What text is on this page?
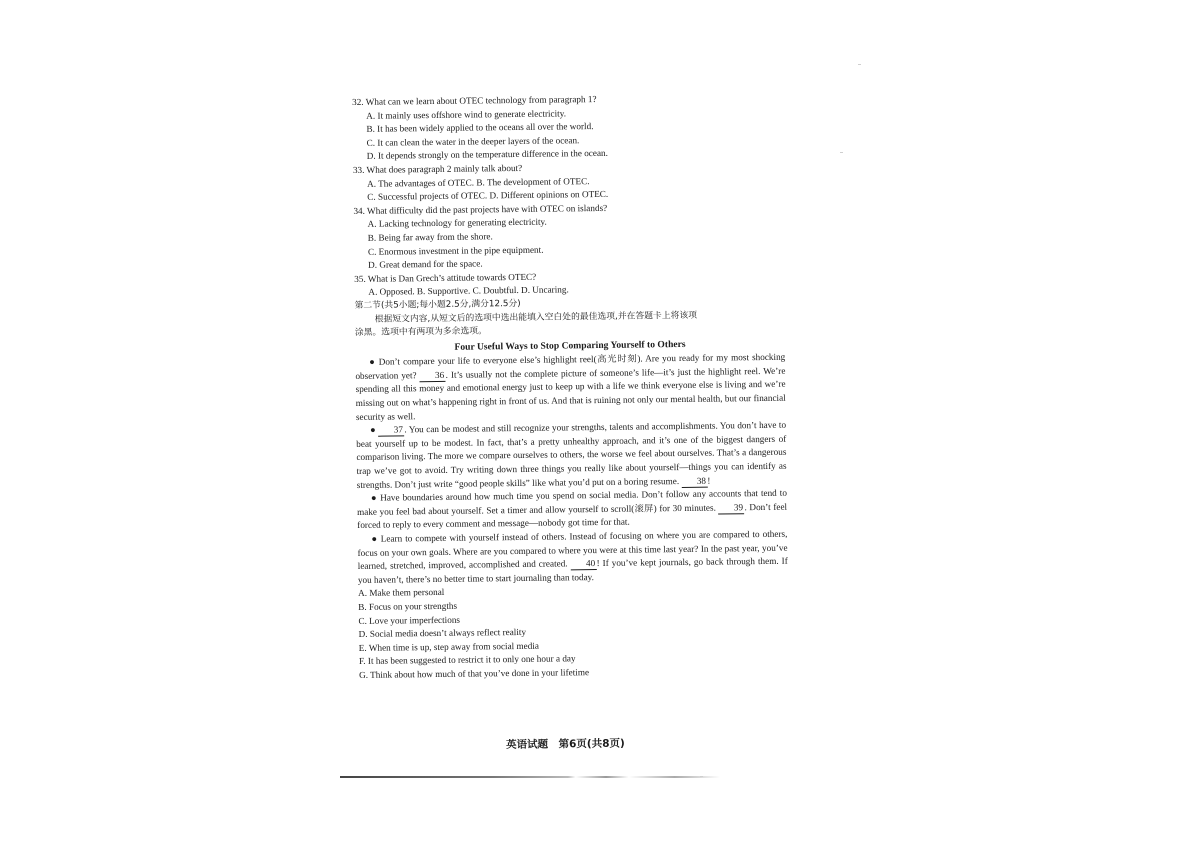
32. What can we learn about OTEC technology from paragraph 1?
A. It mainly uses offshore wind to generate electricity.
B. It has been widely applied to the oceans all over the world.
C. It can clean the water in the deeper layers of the ocean.
D. It depends strongly on the temperature difference in the ocean.
33. What does paragraph 2 mainly talk about?
A. The advantages of OTEC. B. The development of OTEC.
C. Successful projects of OTEC. D. Different opinions on OTEC.
34. What difficulty did the past projects have with OTEC on islands?
A. Lacking technology for generating electricity.
B. Being far away from the shore.
C. Enormous investment in the pipe equipment.
D. Great demand for the space.
35. What is Dan Grech’s attitude towards OTEC?
A. Opposed. B. Supportive. C. Doubtful. D. Uncaring.
第二节(共5小题;每小题2.5分,满分12.5分)
根据短文内容,从短文后的选项中选出能填入空白处的最佳选项,并在答题卡上将该项
涂黑。选项中有两项为多余选项。
Four Useful Ways to Stop Comparing Yourself to Others
● Don’t compare your life to everyone else’s highlight reel(高光时刻). Are you ready for my most shocking observation yet? 36. It’s usually not the complete picture of someone’s life—it’s just the highlight reel. We’re spending all this money and emotional energy just to keep up with a life we think everyone else is living and we’re missing out on what’s happening right in front of us. And that is ruining not only our mental health, but our financial security as well.
● 37. You can be modest and still recognize your strengths, talents and accomplishments. You don’t have to beat yourself up to be modest. In fact, that’s a pretty unhealthy approach, and it’s one of the biggest dangers of comparison living. The more we compare ourselves to others, the worse we feel about ourselves. That’s a dangerous trap we’ve got to avoid. Try writing down three things you really like about yourself—things you can identify as strengths. Don’t just write “good people skills” like what you’d put on a boring resume. 38!
● Have boundaries around how much time you spend on social media. Don’t follow any accounts that tend to make you feel bad about yourself. Set a timer and allow yourself to scroll(滚屏) for 30 minutes. 39. Don’t feel forced to reply to every comment and message—nobody got time for that.
● Learn to compete with yourself instead of others. Instead of focusing on where you are compared to others, focus on your own goals. Where are you compared to where you were at this time last year? In the past year, you’ve learned, stretched, improved, accomplished and created. 40! If you’ve kept journals, go back through them. If you haven’t, there’s no better time to start journaling than today.
A. Make them personal
B. Focus on your strengths
C. Love your imperfections
D. Social media doesn’t always reflect reality
E. When time is up, step away from social media
F. It has been suggested to restrict it to only one hour a day
G. Think about how much of that you’ve done in your lifetime
英语试题　第6页(共8页)
